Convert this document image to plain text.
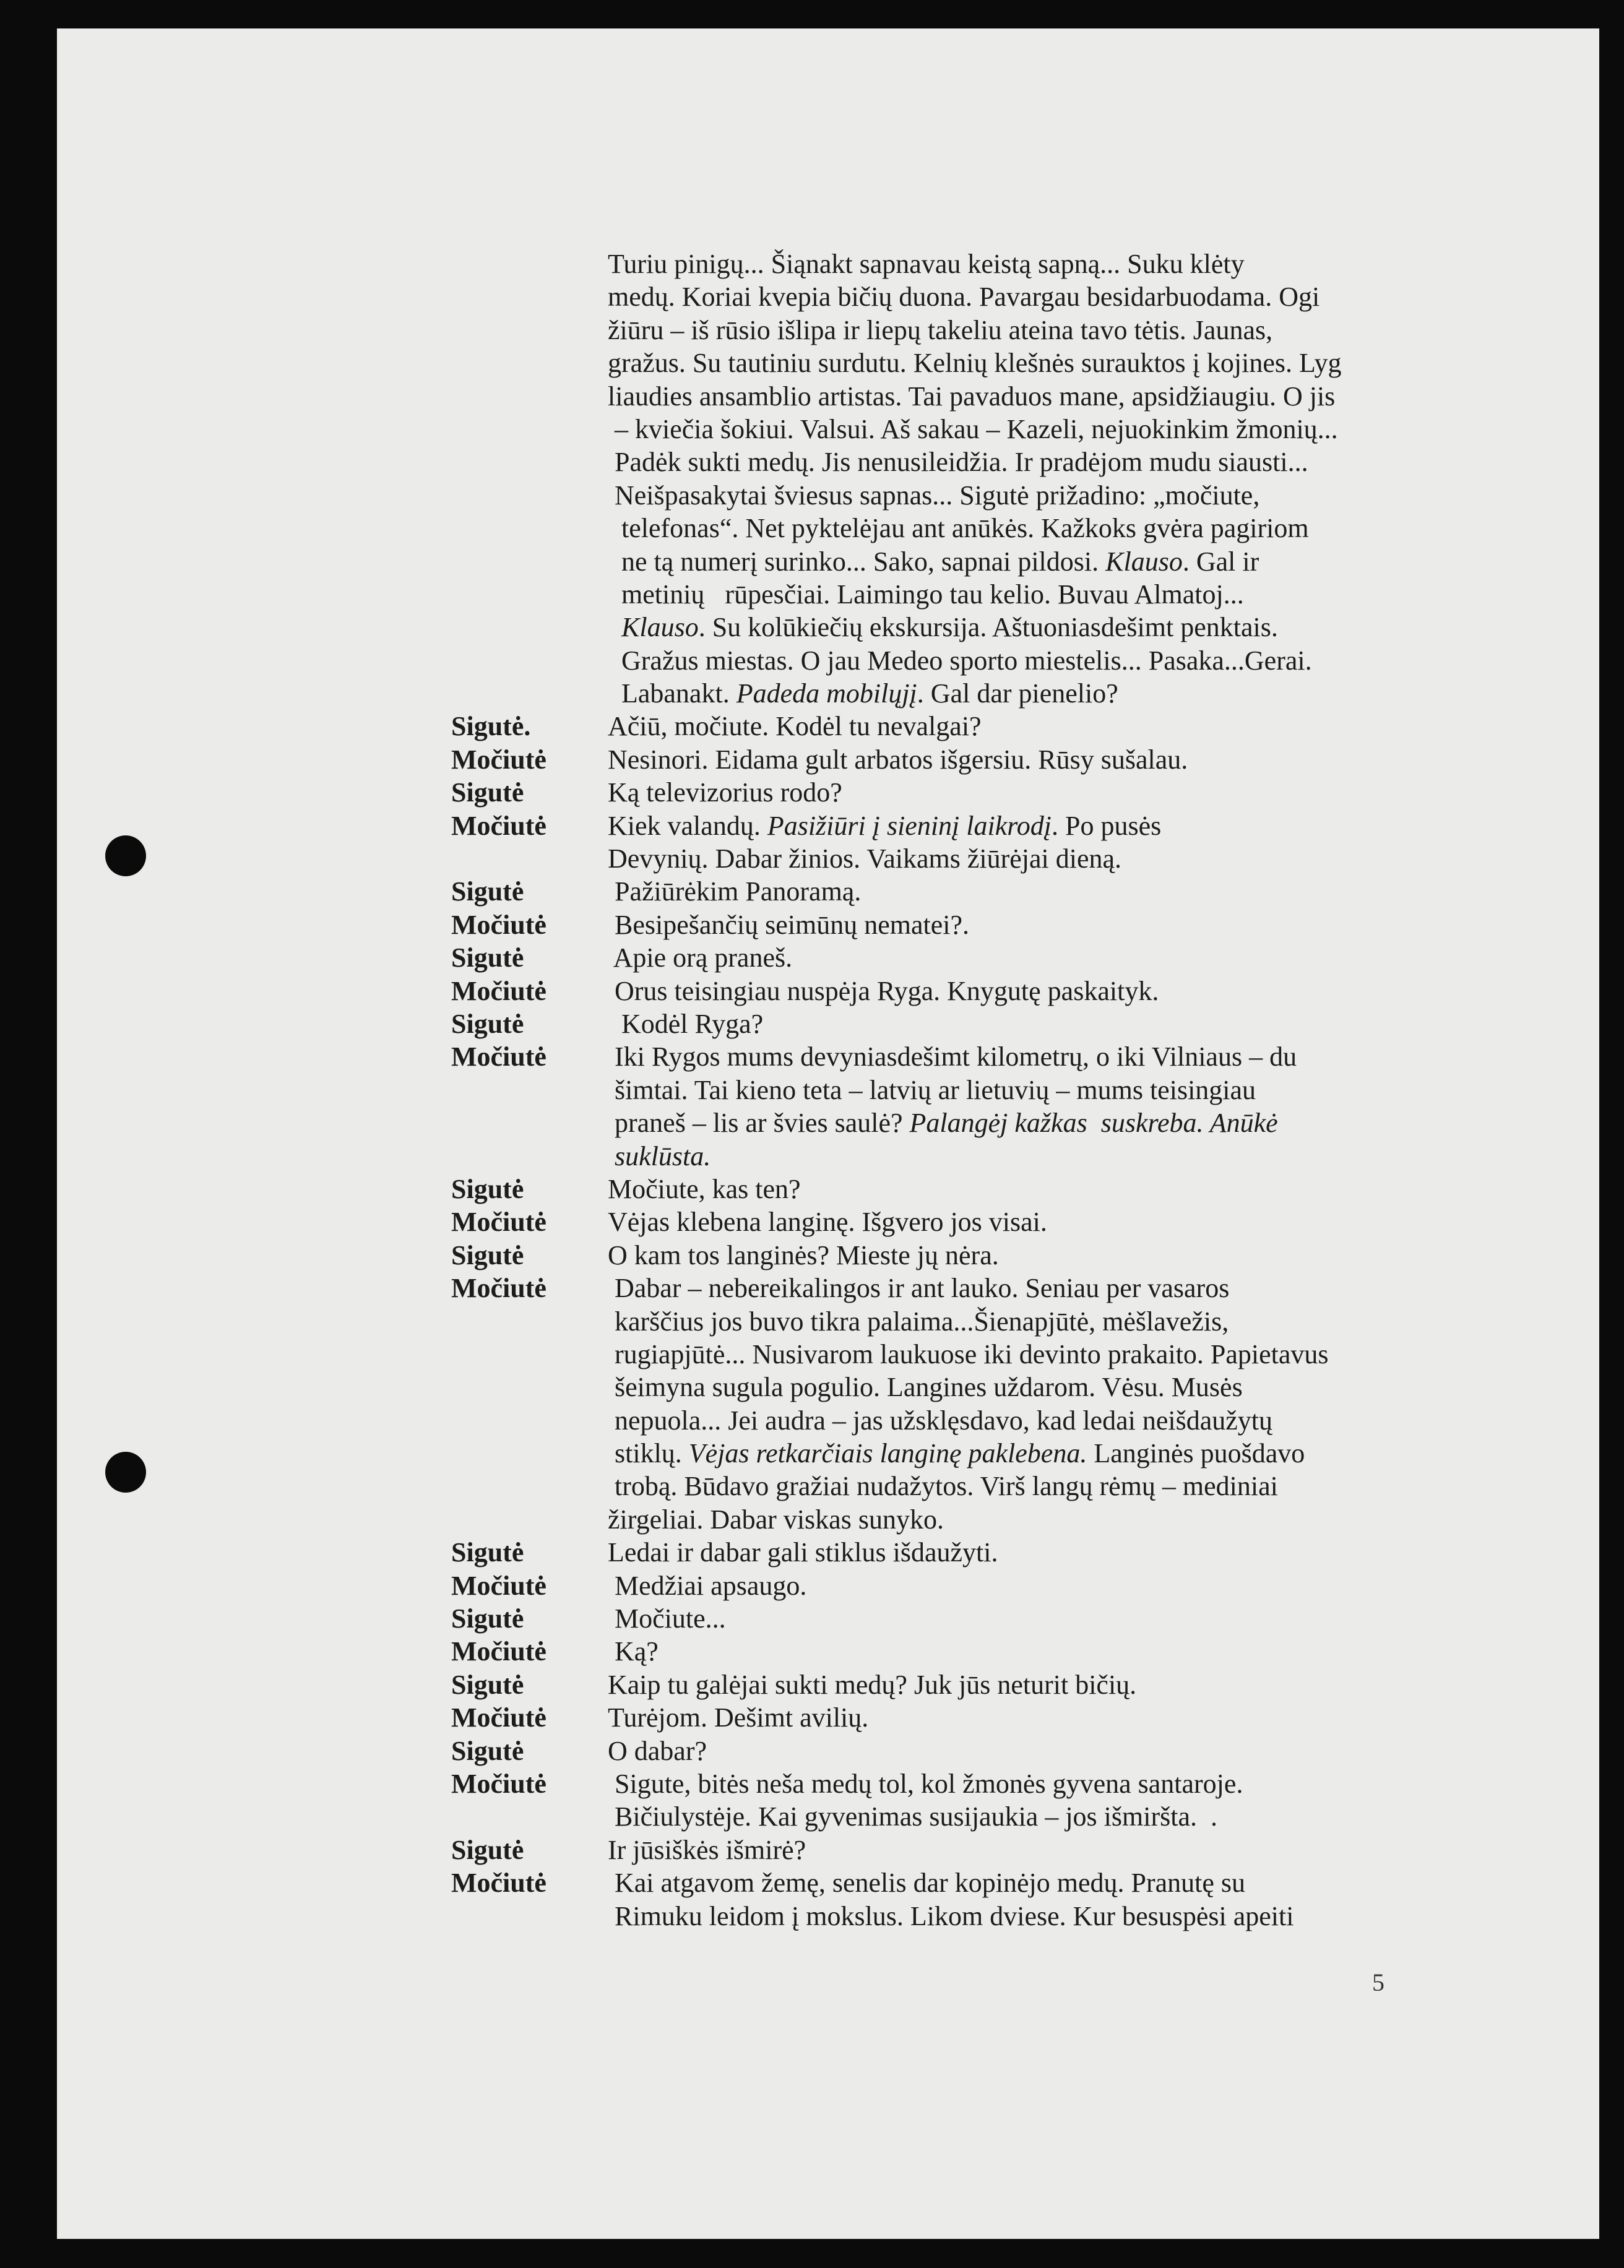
Turiu pinigų... Šiąnakt sapnavau keistą sapną... Suku klėty
medų. Koriai kvepia bičių duona. Pavargau besidarbuodama. Ogi
žiūru – iš rūsio išlipa ir liepų takeliu ateina tavo tėtis. Jaunas,
gražus. Su tautiniu surdutu. Kelnių klešnės surauktos į kojines. Lyg
liaudies ansamblio artistas. Tai pavaduos mane, apsidžiaugiu. O jis
– kviečia šokiui. Valsui. Aš sakau – Kazeli, nejuokinkim žmonių...
Padėk sukti medų. Jis nenusileidžia. Ir pradėjom mudu siausti...
Neišpasakytai šviesus sapnas... Sigutė prižadino: „močiute,
telefonas“. Net pyktelėjau ant anūkės. Kažkoks gvėra pagiriom
ne tą numerį surinko... Sako, sapnai pildosi. Klauso. Gal ir
metinių   rūpesčiai. Laimingo tau kelio. Buvau Almatoj...
Klauso. Su kolūkiečių ekskursija. Aštuoniasdešimt penktais.
Gražus miestas. O jau Medeo sporto miestelis... Pasaka...Gerai.
Labanakt. Padeda mobilųjį. Gal dar pienelio?
Sigutė.	Ačiū, močiute. Kodėl tu nevalgai?
Močiutė Nesinori. Eidama gult arbatos išgersiu. Rūsy sušalau.
Sigutė	Ką televizorius rodo?
Močiutė Kiek valandų. Pasižiūri į sieninį laikrodį. Po pusės
Devynių. Dabar žinios. Vaikams žiūrėjai dieną.
Sigutė	Pažiūrėkim Panoramą.
Močiutė Besipešančių seimūnų nematei?.
Sigutė	Apie orą praneš.
Močiutė Orus teisingiau nuspėja Ryga. Knygutę paskaityk.
Sigutė	Kodėl Ryga?
Močiutė Iki Rygos mums devyniasdešimt kilometrų, o iki Vilniaus – du
šimtai. Tai kieno teta – latvių ar lietuvių – mums teisingiau
praneš – lis ar švies saulė? Palangėj kažkas  suskreba. Anūkė
suklūsta.
Sigutė	Močiute, kas ten?
Močiutė Vėjas klebena langinę. Išgvero jos visai.
Sigutė	O kam tos langinės? Mieste jų nėra.
Močiutė Dabar – nebereikalingos ir ant lauko. Seniau per vasaros
karščius jos buvo tikra palaima...Šienapjūtė, mėšlavežis,
rugiapjūtė... Nusivarom laukuose iki devinto prakaito. Papietavus
šeimyna sugula pogulio. Langines uždarom. Vėsu. Musės
nepuola... Jei audra – jas užsklęsdavo, kad ledai neišdaužytų
stiklų. Vėjas retkarčiais langinę paklebena. Langinės puošdavo
trobą. Būdavo gražiai nudažytos. Virš langų rėmų – mediniai
žirgeliai. Dabar viskas sunyko.
Sigutė	Ledai ir dabar gali stiklus išdaužyti.
Močiutė Medžiai apsaugo.
Sigutė	Močiute...
Močiutė Ką?
Sigutė	Kaip tu galėjai sukti medų? Juk jūs neturit bičių.
Močiutė Turėjom. Dešimt avilių.
Sigutė	O dabar?
Močiutė Sigute, bitės neša medų tol, kol žmonės gyvena santaroje.
Bičiulystėje. Kai gyvenimas susijaukia – jos išmiršta.  .
Sigutė	Ir jūsiškės išmirė?
Močiutė Kai atgavom žemę, senelis dar kopinėjo medų. Pranutę su
Rimuku leidom į mokslus. Likom dviese. Kur besuspėsi apeiti
5
